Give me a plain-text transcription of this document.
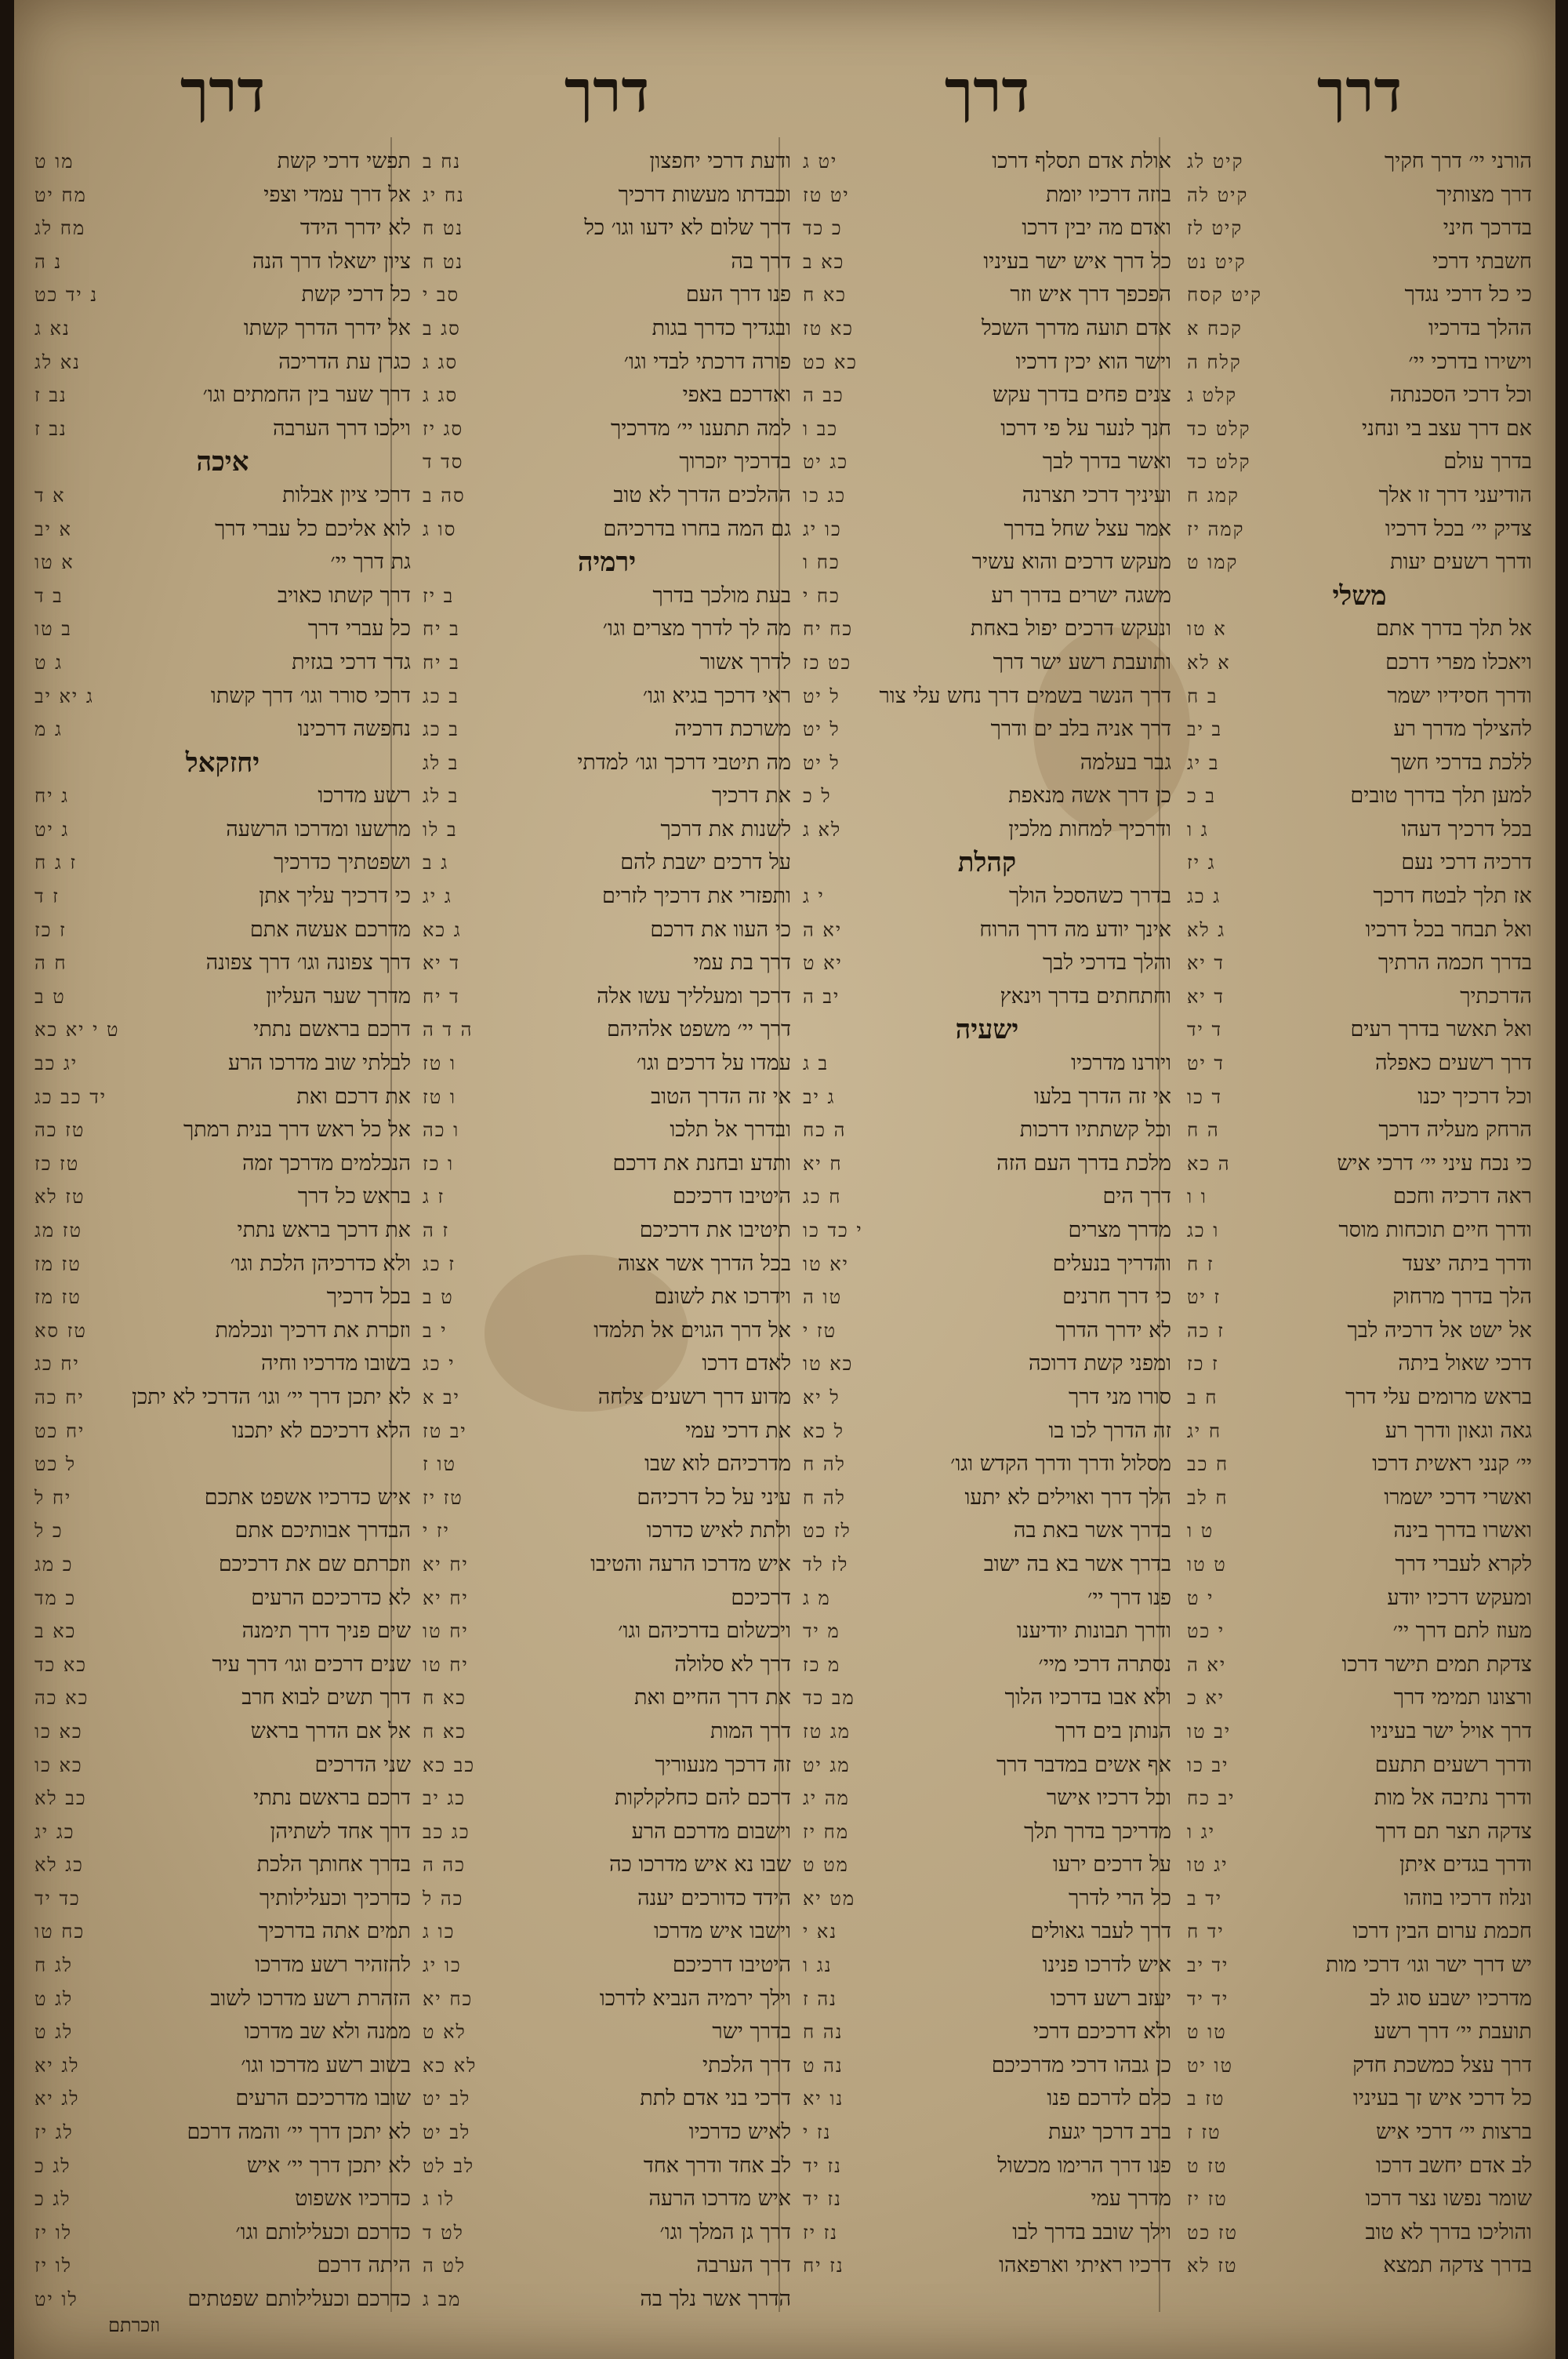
דרך
הורני יי׳ דרך חקיך
קיט לג
דרך מצותיך
קיט לה
בדרכך חיני
קיט לז
חשבתי דרכי
קיט נט
כי כל דרכי נגדך
קיט קסח
ההלך בדרכיו
קכח א
וישירו בדרכי יי׳
קלח ה
וכל דרכי הסכנתה
קלט ג
אם דרך עצב בי ונחני
קלט כד
בדרך עולם
קלט כד
הודיעני דרך זו אלך
קמג ח
צדיק יי׳ בכל דרכיו
קמה יז
ודרך רשעים יעות
קמו ט
משלי
אל תלך בדרך אתם
א טו
ויאכלו מפרי דרכם
א לא
ודרך חסידיו ישמר
ב ח
להצילך מדרך רע
ב יב
ללכת בדרכי חשך
ב יג
למען תלך בדרך טובים
ב כ
בכל דרכיך דעהו
ג ו
דרכיה דרכי נעם
ג יז
אז תלך לבטח דרכך
ג כג
ואל תבחר בכל דרכיו
ג לא
בדרך חכמה הרתיך
ד יא
הדרכתיך
ד יא
ואל תאשר בדרך רעים
ד יד
דרך רשעים כאפלה
ד יט
וכל דרכיך יכנו
ד כו
הרחק מעליה דרכך
ה ח
כי נכח עיני יי׳ דרכי איש
ה כא
ראה דרכיה וחכם
ו ו
ודרך חיים תוכחות מוסר
ו כג
ודרך ביתה יצעד
ז ח
הלך בדרך מרחוק
ז יט
אל ישט אל דרכיה לבך
ז כה
דרכי שאול ביתה
ז כז
בראש מרומים עלי דרך
ח ב
גאה וגאון ודרך רע
ח יג
יי׳ קנני ראשית דרכו
ח כב
ואשרי דרכי ישמרו
ח לב
ואשרו בדרך בינה
ט ו
לקרא לעברי דרך
ט טו
ומעקש דרכיו יודע
י ט
מעוז לתם דרך יי׳
י כט
צדקת תמים תישר דרכו
יא ה
ורצונו תמימי דרך
יא כ
דרך אויל ישר בעיניו
יב טו
ודרך רשעים תתעם
יב כו
ודרך נתיבה אל מות
יב כח
צדקה תצר תם דרך
יג ו
ודרך בגדים איתן
יג טו
ונלוז דרכיו בוזהו
יד ב
חכמת ערום הבין דרכו
יד ח
יש דרך ישר וגו׳ דרכי מות
יד יב
מדרכיו ישבע סוג לב
יד יד
תועבת יי׳ דרך רשע
טו ט
דרך עצל כמשכת חדק
טו יט
כל דרכי איש זך בעיניו
טז ב
ברצות יי׳ דרכי איש
טז ז
לב אדם יחשב דרכו
טז ט
שומר נפשו נצר דרכו
טז יז
והוליכו בדרך לא טוב
טז כט
בדרך צדקה תמצא
טז לא
דרך
אולת אדם תסלף דרכו
יט ג
בוזה דרכיו יומת
יט טז
ואדם מה יבין דרכו
כ כד
כל דרך איש ישר בעיניו
כא ב
הפכפך דרך איש וזר
כא ח
אדם תועה מדרך השכל
כא טז
וישר הוא יכין דרכיו
כא כט
צנים פחים בדרך עקש
כב ה
חנך לנער על פי דרכו
כב ו
ואשר בדרך לבך
כג יט
ועיניך דרכי תצרנה
כג כו
אמר עצל שחל בדרך
כו יג
מעקש דרכים והוא עשיר
כח ו
משגה ישרים בדרך רע
כח י
ונעקש דרכים יפול באחת
כח יח
ותועבת רשע ישר דרך
כט כז
דרך הנשר בשמים דרך נחש עלי צור
ל יט
דרך אניה בלב ים ודרך
ל יט
גבר בעלמה
ל יט
כן דרך אשה מנאפת
ל כ
ודרכיך למחות מלכין
לא ג
קהלת
בדרך כשהסכל הולך
י ג
אינך יודע מה דרך הרוח
יא ה
והלך בדרכי לבך
יא ט
וחתחתים בדרך וינאץ
יב ה
ישעיה
ויורנו מדרכיו
ב ג
אי זה הדרך בלעו
ג יב
וכל קשתתיו דרכות
ה כח
מלכת בדרך העם הזה
ח יא
דרך הים
ח כג
מדרך מצרים
י כד כו
והדריך בנעלים
יא טו
כי דרך חרנים
טו ה
לא ידרך הדרך
טז י
ומפני קשת דרוכה
כא טו
סורו מני דרך
ל יא
זה הדרך לכו בו
ל כא
מסלול ודרך ודרך הקדש וגו׳
לה ח
הלך דרך ואוילים לא יתעו
לה ח
בדרך אשר באת בה
לז כט
בדרך אשר בא בה ישוב
לז לד
פנו דרך יי׳
מ ג
ודרך תבונות יודיענו
מ יד
נסתרה דרכי מיי׳
מ כז
ולא אבו בדרכיו הלוך
מב כד
הנותן בים דרך
מג טז
אף אשים במדבר דרך
מג יט
וכל דרכיו אישר
מה יג
מדריכך בדרך תלך
מח יז
על דרכים ירעו
מט ט
כל הרי לדרך
מט יא
דרך לעבר גאולים
נא י
איש לדרכו פנינו
נג ו
יעזב רשע דרכו
נה ז
ולא דרכיכם דרכי
נה ח
כן גבהו דרכי מדרכיכם
נה ט
כלם לדרכם פנו
נו יא
ברב דרכך יגעת
נז י
פנו דרך הרימו מכשול
נז יד
מדרך עמי
נז יד
וילך שובב בדרך לבו
נז יז
דרכיו ראיתי וארפאהו
נז יח
דרך
ודעת דרכי יחפצון
נח ב
וכבדתו מעשות דרכיך
נח יג
דרך שלום לא ידעו וגו׳ כל
נט ח
דרך בה
נט ח
פנו דרך העם
סב י
ובגדיך כדרך בגות
סג ב
פורה דרכתי לבדי וגו׳
סג ג
ואדרכם באפי
סג ג
למה תתענו יי׳ מדרכיך
סג יז
בדרכיך יזכרוך
סד ד
ההלכים הדרך לא טוב
סה ב
גם המה בחרו בדרכיהם
סו ג
ירמיה
בעת מולכך בדרך
ב יז
מה לך לדרך מצרים וגו׳
ב יח
לדרך אשור
ב יח
ראי דרכך בגיא וגו׳
ב כג
משרכת דרכיה
ב כג
מה תיטבי דרכך וגו׳ למדתי
ב לג
את דרכיך
ב לג
לשנות את דרכך
ב לו
על דרכים ישבת להם
ג ב
ותפזרי את דרכיך לזרים
ג יג
כי העוו את דרכם
ג כא
דרך בת עמי
ד יא
דרכך ומעלליך עשו אלה
ד יח
דרך יי׳ משפט אלהיהם
ה ד ה
עמדו על דרכים וגו׳
ו טז
אי זה הדרך הטוב
ו טז
ובדרך אל תלכו
ו כה
ותדע ובחנת את דרכם
ו כז
היטיבו דרכיכם
ז ג
תיטיבו את דרכיכם
ז ה
בכל הדרך אשר אצוה
ז כג
וידרכו את לשונם
ט ב
אל דרך הגוים אל תלמדו
י ב
לאדם דרכו
י כג
מדוע דרך רשעים צלחה
יב א
את דרכי עמי
יב טז
מדרכיהם לוא שבו
טו ז
עיני על כל דרכיהם
טז יז
ולתת לאיש כדרכו
יז י
איש מדרכו הרעה והטיבו
יח יא
דרכיכם
יח יא
ויכשלום בדרכיהם וגו׳
יח טו
דרך לא סלולה
יח טו
את דרך החיים ואת
כא ח
דרך המות
כא ח
זה דרכך מנעוריך
כב כא
דרכם להם כחלקלקות
כג יב
וישבום מדרכם הרע
כג כב
שבו נא איש מדרכו כה
כה ה
הידד כדורכים יענה
כה ל
וישבו איש מדרכו
כו ג
היטיבו דרכיכם
כו יג
וילך ירמיה הנביא לדרכו
כח יא
בדרך ישר
לא ט
דרך הלכתי
לא כא
דרכי בני אדם לתת
לב יט
לאיש כדרכיו
לב יט
לב אחד ודרך אחד
לב לט
איש מדרכו הרעה
לו ג
דרך גן המלך וגו׳
לט ד
דרך הערבה
לט ה
הדרך אשר נלך בה
מב ג
דרך
תפשי דרכי קשת
מו ט
אל דרך עמדי וצפי
מח יט
לא ידרך הידד
מח לג
ציון ישאלו דרך הנה
נ ה
כל דרכי קשת
נ יד כט
אל ידרך הדרך קשתו
נא ג
כגרן עת הדריכה
נא לג
דרך שער בין החמתים וגו׳
נב ז
וילכו דרך הערבה
נב ז
איכה
דרכי ציון אבלות
א ד
לוא אליכם כל עברי דרך
א יב
גת דרך יי׳
א טו
דרך קשתו כאויב
ב ד
כל עברי דרך
ב טו
גדר דרכי בגזית
ג ט
דרכי סורר וגו׳ דרך קשתו
ג יא יב
נחפשה דרכינו
ג מ
יחזקאל
רשע מדרכו
ג יח
מרשעו ומדרכו הרשעה
ג יט
ושפטתיך כדרכיך
ז ג ח
כי דרכיך עליך אתן
ז ד
מדרכם אעשה אתם
ז כז
דרך צפונה וגו׳ דרך צפונה
ח ה
מדרך שער העליון
ט ב
דרכם בראשם נתתי
ט י יא כא
לבלתי שוב מדרכו הרע
יג כב
את דרכם ואת
יד כב כג
אל כל ראש דרך בנית רמתך
טז כה
הנכלמים מדרכך זמה
טז כז
בראש כל דרך
טז לא
את דרכך בראש נתתי
טז מג
ולא כדרכיהן הלכת וגו׳
טז מז
בכל דרכיך
טז מז
וזכרת את דרכיך ונכלמת
טז סא
בשובו מדרכיו וחיה
יח כג
לא יתכן דרך יי׳ וגו׳ הדרכי לא יתכן
יח כה
הלא דרכיכם לא יתכנו
יח כט
ל כט
איש כדרכיו אשפט אתכם
יח ל
הבדרך אבותיכם אתם
כ ל
וזכרתם שם את דרכיכם
כ מג
לא כדרכיכם הרעים
כ מד
שים פניך דרך תימנה
כא ב
שנים דרכים וגו׳ דרך עיר
כא כד
דרך תשים לבוא חרב
כא כה
אל אם הדרך בראש
כא כו
שני הדרכים
כא כו
דרכם בראשם נתתי
כב לא
דרך אחד לשתיהן
כג יג
בדרך אחותך הלכת
כג לא
כדרכיך וכעלילותיך
כד יד
תמים אתה בדרכיך
כח טו
להזהיר רשע מדרכו
לג ח
הזהרת רשע מדרכו לשוב
לג ט
ממנה ולא שב מדרכו
לג ט
בשוב רשע מדרכו וגו׳
לג יא
שובו מדרכיכם הרעים
לג יא
לא יתכן דרך יי׳ והמה דרכם
לג יז
לא יתכן דרך יי׳ איש
לג כ
כדרכיו אשפוט
לג כ
כדרכם וכעלילותם וגו׳
לו יז
היתה דרכם
לו יז
כדרכם וכעלילותם שפטתים
לו יט
וזכרתם
